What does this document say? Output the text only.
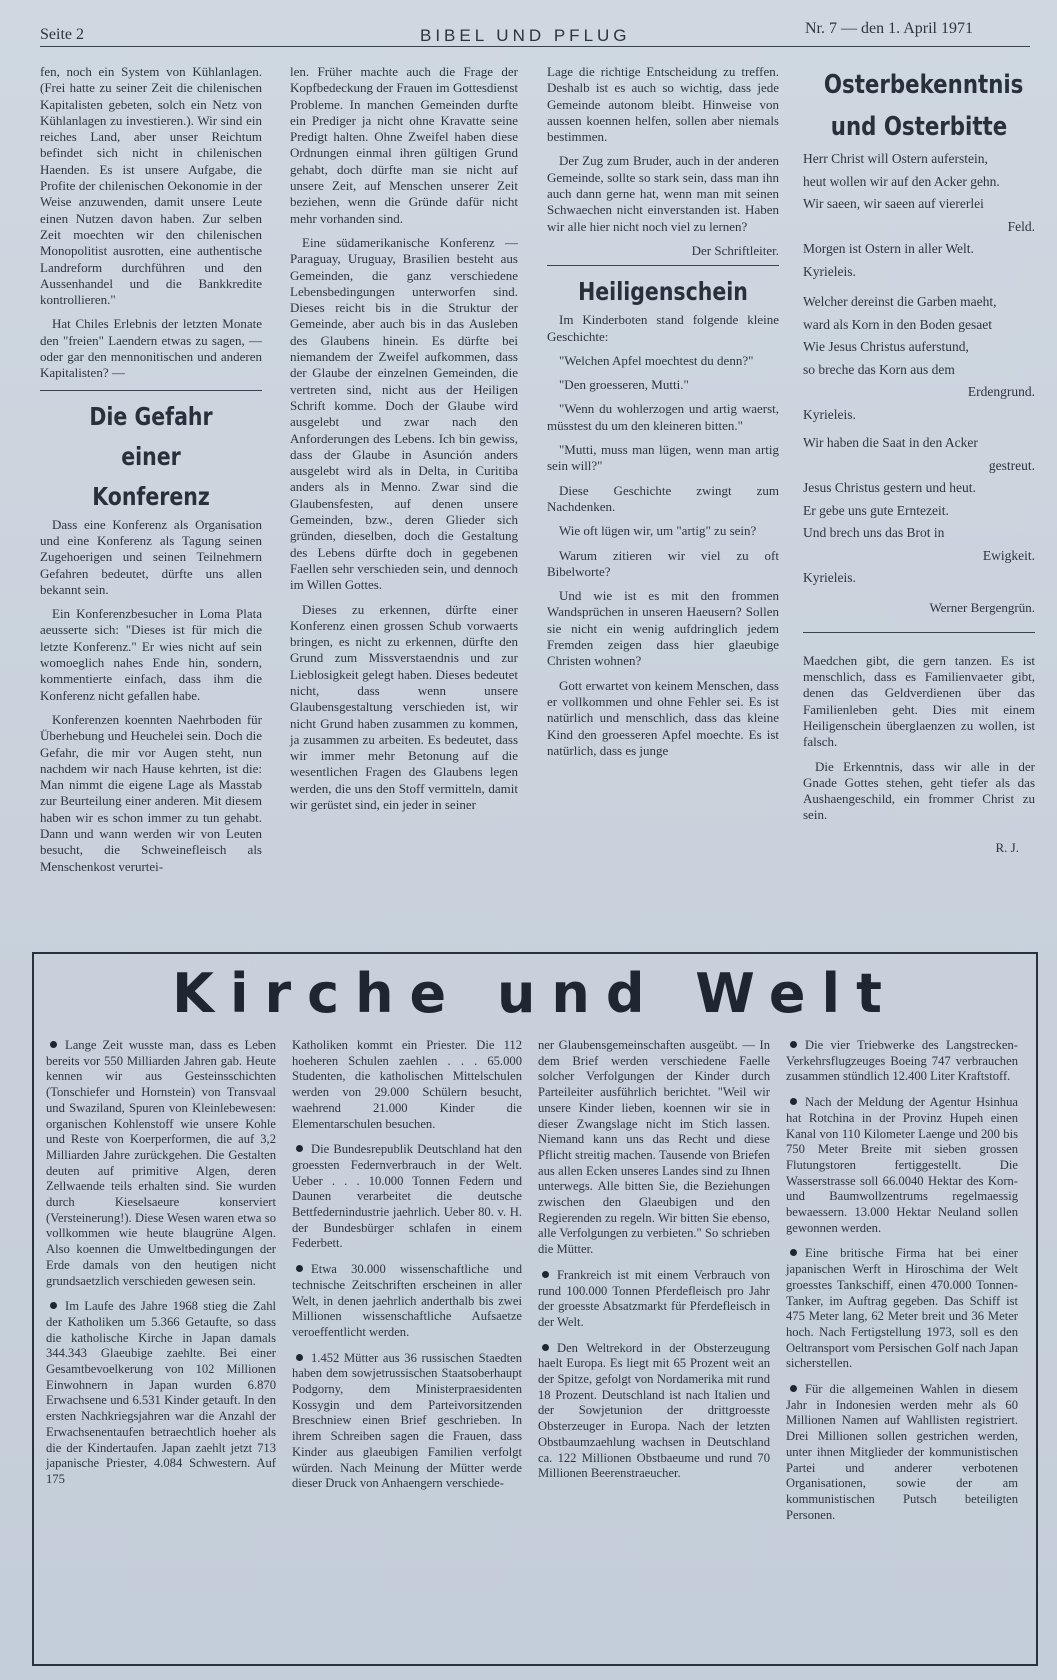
Seite 2	BIBEL UND PFLUG	Nr. 7 — den 1. April 1971

fen, noch ein System von Kühlanlagen. (Frei hatte zu seiner Zeit die chilenischen Kapitalisten gebeten, solch ein Netz von Kühlanlagen zu investieren.). Wir sind ein reiches Land, aber unser Reichtum befindet sich nicht in chilenischen Haenden. Es ist unsere Aufgabe, die Profite der chilenischen Oekonomie in der Weise anzuwenden, damit unsere Leute einen Nutzen davon haben. Zur selben Zeit moechten wir den chilenischen Monopolitist ausrotten, eine authentische Landreform durchführen und den Aussenhandel und die Bankkredite kontrollieren."

Hat Chiles Erlebnis der letzten Monate den "freien" Laendern etwas zu sagen, — oder gar den mennonitischen und anderen Kapitalisten? —

Die Gefahr einer Konferenz

Dass eine Konferenz als Organisation und eine Konferenz als Tagung seinen Zugehoerigen und seinen Teilnehmern Gefahren bedeutet, dürfte uns allen bekannt sein.

Ein Konferenzbesucher in Loma Plata aeusserte sich: "Dieses ist für mich die letzte Konferenz." Er wies nicht auf sein womoeglich nahes Ende hin, sondern, kommentierte einfach, dass ihm die Konferenz nicht gefallen habe.

Konferenzen koennten Naehrboden für Überhebung und Heuchelei sein. Doch die Gefahr, die mir vor Augen steht, nun nachdem wir nach Hause kehrten, ist die: Man nimmt die eigene Lage als Masstab zur Beurteilung einer anderen. Mit diesem haben wir es schon immer zu tun gehabt. Dann und wann werden wir von Leuten besucht, die Schweinefleisch als Menschenkost verurtei-

len. Früher machte auch die Frage der Kopfbedeckung der Frauen im Gottesdienst Probleme. In manchen Gemeinden durfte ein Prediger ja nicht ohne Kravatte seine Predigt halten. Ohne Zweifel haben diese Ordnungen einmal ihren gültigen Grund gehabt, doch dürfte man sie nicht auf unsere Zeit, auf Menschen unserer Zeit beziehen, wenn die Gründe dafür nicht mehr vorhanden sind.

Eine südamerikanische Konferenz — Paraguay, Uruguay, Brasilien besteht aus Gemeinden, die ganz verschiedene Lebensbedingungen unterworfen sind. Dieses reicht bis in die Struktur der Gemeinde, aber auch bis in das Ausleben des Glaubens hinein. Es dürfte bei niemandem der Zweifel aufkommen, dass der Glaube der einzelnen Gemeinden, die vertreten sind, nicht aus der Heiligen Schrift komme. Doch der Glaube wird ausgelebt und zwar nach den Anforderungen des Lebens. Ich bin gewiss, dass der Glaube in Asunción anders ausgelebt wird als in Delta, in Curitiba anders als in Menno. Zwar sind die Glaubensfesten, auf denen unsere Gemeinden, bzw., deren Glieder sich gründen, dieselben, doch die Gestaltung des Lebens dürfte doch in gegebenen Faellen sehr verschieden sein, und dennoch im Willen Gottes.

Dieses zu erkennen, dürfte einer Konferenz einen grossen Schub vorwaerts bringen, es nicht zu erkennen, dürfte den Grund zum Missverstaendnis und zur Lieblosigkeit gelegt haben. Dieses bedeutet nicht, dass wenn unsere Glaubensgestaltung verschieden ist, wir nicht Grund haben zusammen zu kommen, ja zusammen zu arbeiten. Es bedeutet, dass wir immer mehr Betonung auf die wesentlichen Fragen des Glaubens legen werden, die uns den Stoff vermitteln, damit wir gerüstet sind, ein jeder in seiner

Lage die richtige Entscheidung zu treffen. Deshalb ist es auch so wichtig, dass jede Gemeinde autonom bleibt. Hinweise von aussen koennen helfen, sollen aber niemals bestimmen.

Der Zug zum Bruder, auch in der anderen Gemeinde, sollte so stark sein, dass man ihn auch dann gerne hat, wenn man mit seinen Schwaechen nicht einverstanden ist. Haben wir alle hier nicht noch viel zu lernen?

Der Schriftleiter.
Heiligenschein

Im Kinderboten stand folgende kleine Geschichte:

"Welchen Apfel moechtest du denn?"

"Den groesseren, Mutti."

"Wenn du wohlerzogen und artig waerst, müsstest du um den kleineren bitten."

"Mutti, muss man lügen, wenn man artig sein will?"

Diese Geschichte zwingt zum Nachdenken.

Wie oft lügen wir, um "artig" zu sein?

Warum zitieren wir viel zu oft Bibelworte?

Und wie ist es mit den frommen Wandsprüchen in unseren Haeusern? Sollen sie nicht ein wenig aufdringlich jedem Fremden zeigen dass hier glaeubige Christen wohnen?

Gott erwartet von keinem Menschen, dass er vollkommen und ohne Fehler sei. Es ist natürlich und menschlich, dass das kleine Kind den groesseren Apfel moechte. Es ist natürlich, dass es junge

Osterbekenntnis und Osterbitte
Herr Christ will Ostern auferstein,
heut wollen wir auf den Acker gehn.
Wir saeen, wir saeen auf viererlei
Feld.
Morgen ist Ostern in aller Welt.
Kyrieleis.
Welcher dereinst die Garben maeht,
ward als Korn in den Boden gesaet
Wie Jesus Christus auferstund,
so breche das Korn aus dem
Erdengrund.
Kyrieleis.
Wir haben die Saat in den Acker
gestreut.
Jesus Christus gestern und heut.
Er gebe uns gute Erntezeit.
Und brech uns das Brot in
Ewigkeit.
Kyrieleis.
Werner Bergengrün.

Maedchen gibt, die gern tanzen. Es ist menschlich, dass es Familienvaeter gibt, denen das Geldverdienen über das Familienleben geht. Dies mit einem Heiligenschein überglaenzen zu wollen, ist falsch.

Die Erkenntnis, dass wir alle in der Gnade Gottes stehen, geht tiefer als das Aushaengeschild, ein frommer Christ zu sein.

R. J.
Kirche und Welt

Lange Zeit wusste man, dass es Leben bereits vor 550 Milliarden Jahren gab. Heute kennen wir aus Gesteinsschichten (Tonschiefer und Hornstein) von Transvaal und Swaziland, Spuren von Kleinlebewesen: organischen Kohlenstoff wie unsere Kohle und Reste von Koerperformen, die auf 3,2 Milliarden Jahre zurückgehen. Die Gestalten deuten auf primitive Algen, deren Zellwaende teils erhalten sind. Sie wurden durch Kieselsaeure konserviert (Versteinerung!). Diese Wesen waren etwa so vollkommen wie heute blaugrüne Algen. Also koennen die Umweltbedingungen der Erde damals von den heutigen nicht grundsaetzlich verschieden gewesen sein.

Im Laufe des Jahre 1968 stieg die Zahl der Katholiken um 5.366 Getaufte, so dass die katholische Kirche in Japan damals 344.343 Glaeubige zaehlte. Bei einer Gesamtbevoelkerung von 102 Millionen Einwohnern in Japan wurden 6.870 Erwachsene und 6.531 Kinder getauft. In den ersten Nachkriegsjahren war die Anzahl der Erwachsenentaufen betraechtlich hoeher als die der Kindertaufen. Japan zaehlt jetzt 713 japanische Priester, 4.084 Schwestern. Auf 175

Katholiken kommt ein Priester. Die 112 hoeheren Schulen zaehlen . . . 65.000 Studenten, die katholischen Mittelschulen werden von 29.000 Schülern besucht, waehrend 21.000 Kinder die Elementarschulen besuchen.

Die Bundesrepublik Deutschland hat den groessten Federnverbrauch in der Welt. Ueber . . . 10.000 Tonnen Federn und Daunen verarbeitet die deutsche Bettfedernindustrie jaehrlich. Ueber 80. v. H. der Bundesbürger schlafen in einem Federbett.

Etwa 30.000 wissenschaftliche und technische Zeitschriften erscheinen in aller Welt, in denen jaehrlich anderthalb bis zwei Millionen wissenschaftliche Aufsaetze veroeffentlicht werden.

1.452 Mütter aus 36 russischen Staedten haben dem sowjetrussischen Staatsoberhaupt Podgorny, dem Ministerpraesidenten Kossygin und dem Parteivorsitzenden Breschniew einen Brief geschrieben. In ihrem Schreiben sagen die Frauen, dass Kinder aus glaeubigen Familien verfolgt würden. Nach Meinung der Mütter werde dieser Druck von Anhaengern verschiede-

ner Glaubensgemeinschaften ausgeübt. — In dem Brief werden verschiedene Faelle solcher Verfolgungen der Kinder durch Parteileiter ausführlich berichtet. "Weil wir unsere Kinder lieben, koennen wir sie in dieser Zwangslage nicht im Stich lassen. Niemand kann uns das Recht und diese Pflicht streitig machen. Tausende von Briefen aus allen Ecken unseres Landes sind zu Ihnen unterwegs. Alle bitten Sie, die Beziehungen zwischen den Glaeubigen und den Regierenden zu regeln. Wir bitten Sie ebenso, alle Verfolgungen zu verbieten." So schrieben die Mütter.

Frankreich ist mit einem Verbrauch von rund 100.000 Tonnen Pferdefleisch pro Jahr der groesste Absatzmarkt für Pferdefleisch in der Welt.

Den Weltrekord in der Obsterzeugung haelt Europa. Es liegt mit 65 Prozent weit an der Spitze, gefolgt von Nordamerika mit rund 18 Prozent. Deutschland ist nach Italien und der Sowjetunion der drittgroesste Obsterzeuger in Europa. Nach der letzten Obstbaumzaehlung wachsen in Deutschland ca. 122 Millionen Obstbaeume und rund 70 Millionen Beerenstraeucher.

Die vier Triebwerke des Langstrecken-Verkehrsflugzeuges Boeing 747 verbrauchen zusammen stündlich 12.400 Liter Kraftstoff.

Nach der Meldung der Agentur Hsinhua hat Rotchina in der Provinz Hupeh einen Kanal von 110 Kilometer Laenge und 200 bis 750 Meter Breite mit sieben grossen Flutungstoren fertiggestellt. Die Wasserstrasse soll 66.0040 Hektar des Korn- und Baumwollzentrums regelmaessig bewaessern. 13.000 Hektar Neuland sollen gewonnen werden.

Eine britische Firma hat bei einer japanischen Werft in Hiroschima der Welt groesstes Tankschiff, einen 470.000 Tonnen-Tanker, im Auftrag gegeben. Das Schiff ist 475 Meter lang, 62 Meter breit und 36 Meter hoch. Nach Fertigstellung 1973, soll es den Oeltransport vom Persischen Golf nach Japan sicherstellen.

Für die allgemeinen Wahlen in diesem Jahr in Indonesien werden mehr als 60 Millionen Namen auf Wahllisten registriert. Drei Millionen sollen gestrichen werden, unter ihnen Mitglieder der kommunistischen Partei und anderer verbotenen Organisationen, sowie der am kommunistischen Putsch beteiligten Personen.
